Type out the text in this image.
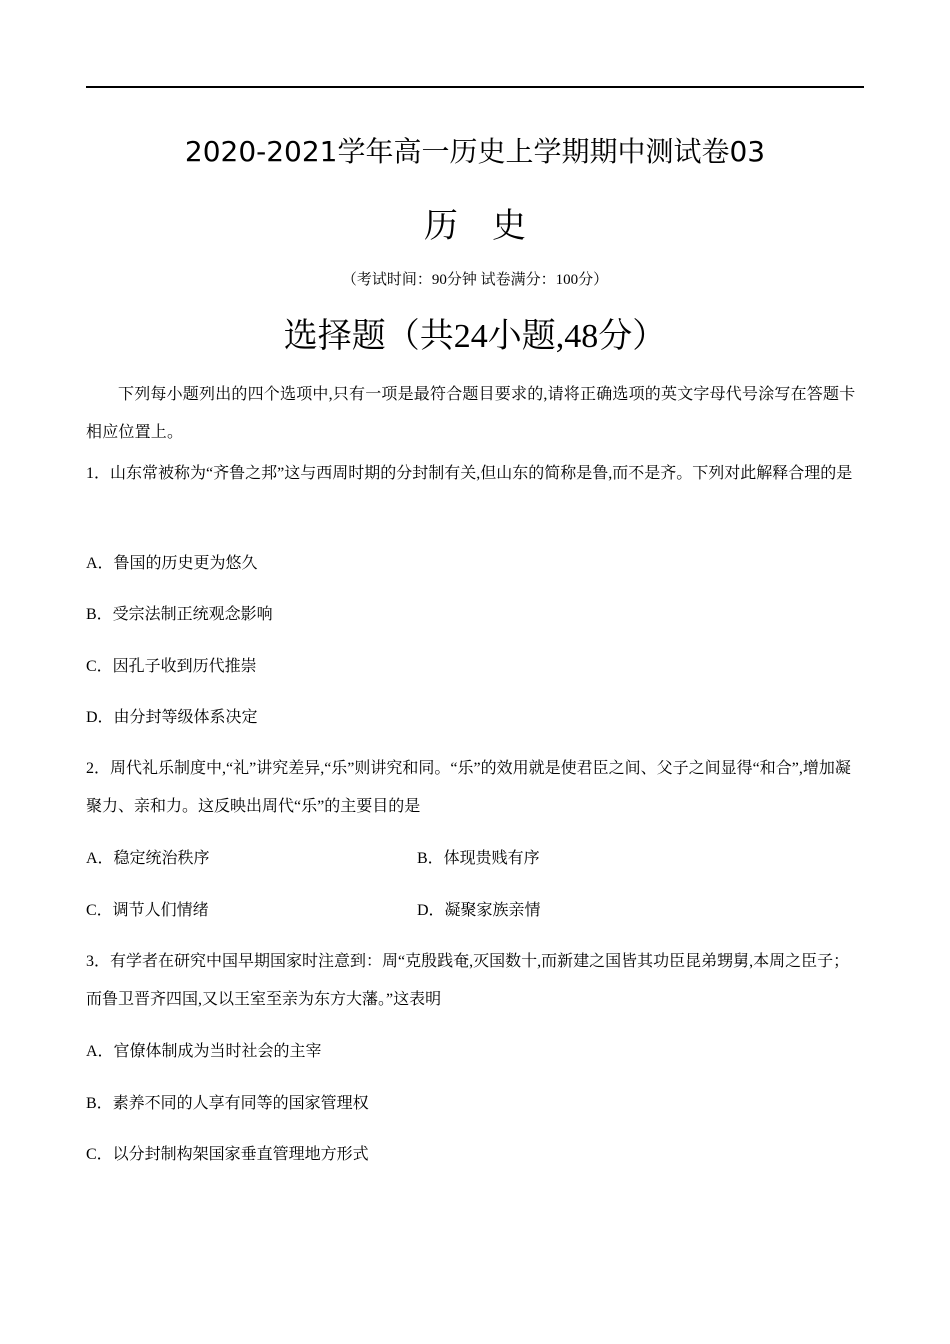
2020-2021学年高一历史上学期期中测试卷03
历史
（考试时间：90分钟 试卷满分：100分）
选择题（共24小题,48分）
下列每小题列出的四个选项中,只有一项是最符合题目要求的,请将正确选项的英文字母代号涂写在答题卡相应位置上。
1．山东常被称为“齐鲁之邦”这与西周时期的分封制有关,但山东的简称是鲁,而不是齐。下列对此解释合理的是
A．鲁国的历史更为悠久
B．受宗法制正统观念影响
C．因孔子收到历代推崇
D．由分封等级体系决定
2．周代礼乐制度中,“礼”讲究差异,“乐”则讲究和同。“乐”的效用就是使君臣之间、父子之间显得“和合”,增加凝聚力、亲和力。这反映出周代“乐”的主要目的是
A．稳定统治秩序	B．体现贵贱有序
C．调节人们情绪	D．凝聚家族亲情
3．有学者在研究中国早期国家时注意到：周“克殷践奄,灭国数十,而新建之国皆其功臣昆弟甥舅,本周之臣子；而鲁卫晋齐四国,又以王室至亲为东方大藩。”这表明
A．官僚体制成为当时社会的主宰
B．素养不同的人享有同等的国家管理权
C．以分封制构架国家垂直管理地方形式
